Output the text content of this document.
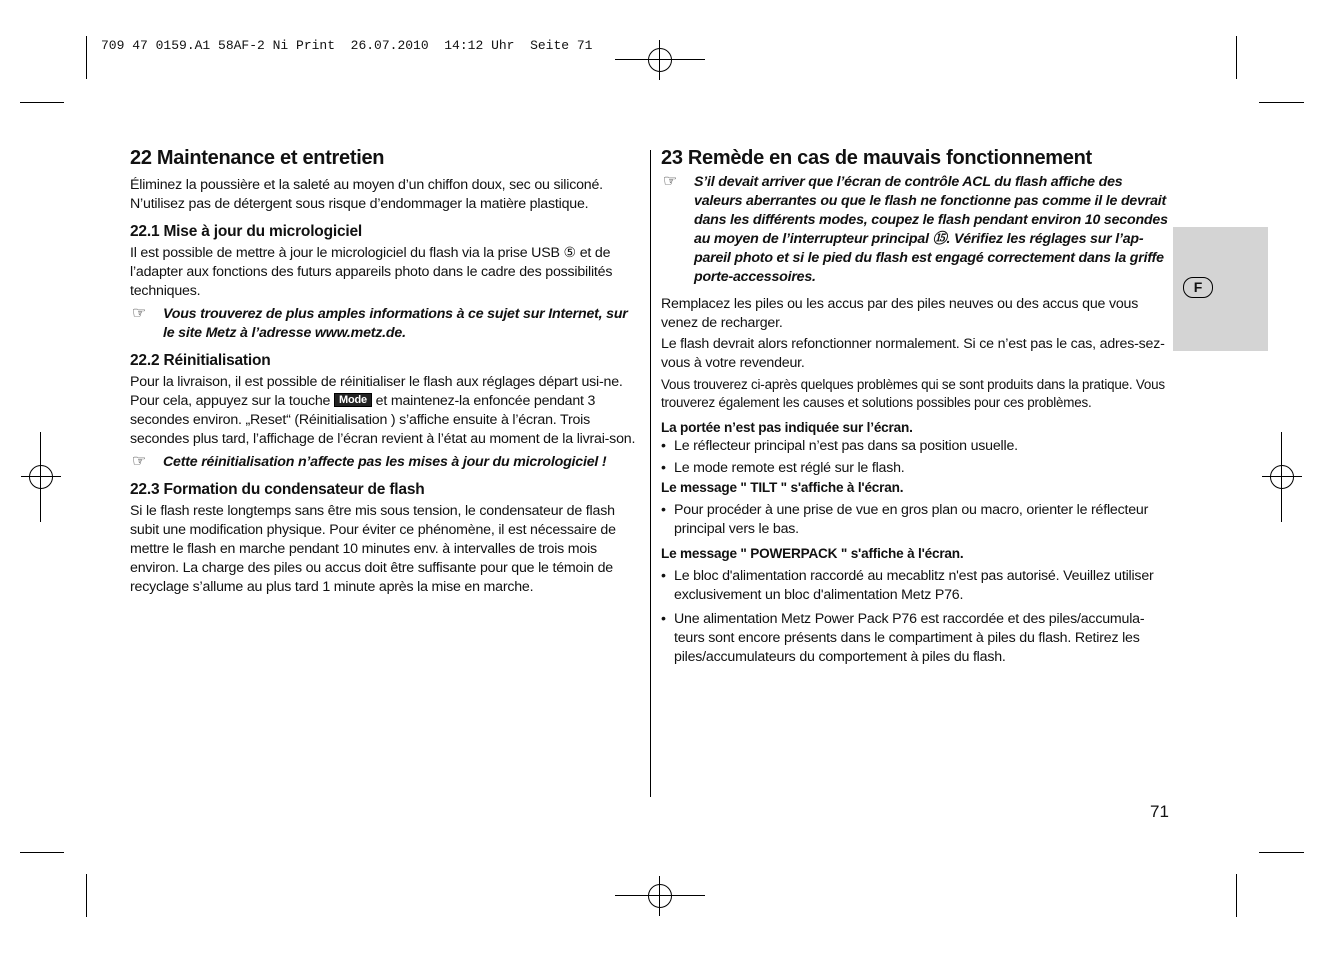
709 47 0159.A1 58AF-2 Ni Print  26.07.2010  14:12 Uhr  Seite 71
F
22 Maintenance et entretien

Éliminez la poussière et la saleté au moyen d’un chiffon doux, sec ou siliconé. N’utilisez pas de détergent sous risque d’endommager la matière plastique.

22.1 Mise à jour du micrologiciel

Il est possible de mettre à jour le micrologiciel du flash via la prise USB ⑤ et de l’adapter aux fonctions des futurs appareils photo dans le cadre des possibilités techniques.

☞ Vous trouverez de plus amples informations à ce sujet sur Internet, sur le site Metz à l’adresse www.metz.de.
22.2 Réinitialisation

Pour la livraison, il est possible de réinitialiser le flash aux réglages départ usi-ne. Pour cela, appuyez sur la touche Mode et maintenez-la enfoncée pendant 3 secondes environ. „Reset“ (Réinitialisation ) s’affiche ensuite à l’écran. Trois secondes plus tard, l’affichage de l’écran revient à l’état au moment de la livrai-son.

☞ Cette réinitialisation n’affecte pas les mises à jour du micrologiciel !
22.3 Formation du condensateur de flash

Si le flash reste longtemps sans être mis sous tension, le condensateur de flash subit une modification physique. Pour éviter ce phénomène, il est nécessaire de mettre le flash en marche pendant 10 minutes env. à intervalles de trois mois environ. La charge des piles ou accus doit être suffisante pour que le témoin de recyclage s’allume au plus tard 1 minute après la mise en marche.

23 Remède en cas de mauvais fonctionnement
☞ S’il devait arriver que l’écran de contrôle ACL du flash affiche des valeurs aberrantes ou que le flash ne fonctionne pas comme il le devrait dans les différents modes, coupez le flash pendant environ 10 secondes au moyen de l’interrupteur principal ⑮. Vérifiez les réglages sur l’ap-pareil photo et si le pied du flash est engagé correctement dans la griffe porte-accessoires.

Remplacez les piles ou les accus par des piles neuves ou des accus que vous venez de recharger.

Le flash devrait alors refonctionner normalement. Si ce n’est pas le cas, adres-sez-vous à votre revendeur.

Vous trouverez ci-après quelques problèmes qui se sont produits dans la pratique. Vous trouverez également les causes et solutions possibles pour ces problèmes.

La portée n’est pas indiquée sur l’écran.

• Le réflecteur principal n’est pas dans sa position usuelle.
• Le mode remote est réglé sur le flash.

Le message " TILT " s'affiche à l'écran.

• Pour procéder à une prise de vue en gros plan ou macro, orienter le réflecteur principal vers le bas.

Le message " POWERPACK " s'affiche à l'écran.

• Le bloc d'alimentation raccordé au mecablitz n'est pas autorisé. Veuillez utiliser exclusivement un bloc d'alimentation Metz P76.
• Une alimentation Metz Power Pack P76 est raccordée et des piles/accumula-teurs sont encore présents dans le compartiment à piles du flash. Retirez les piles/accumulateurs du comportement à piles du flash.
71
